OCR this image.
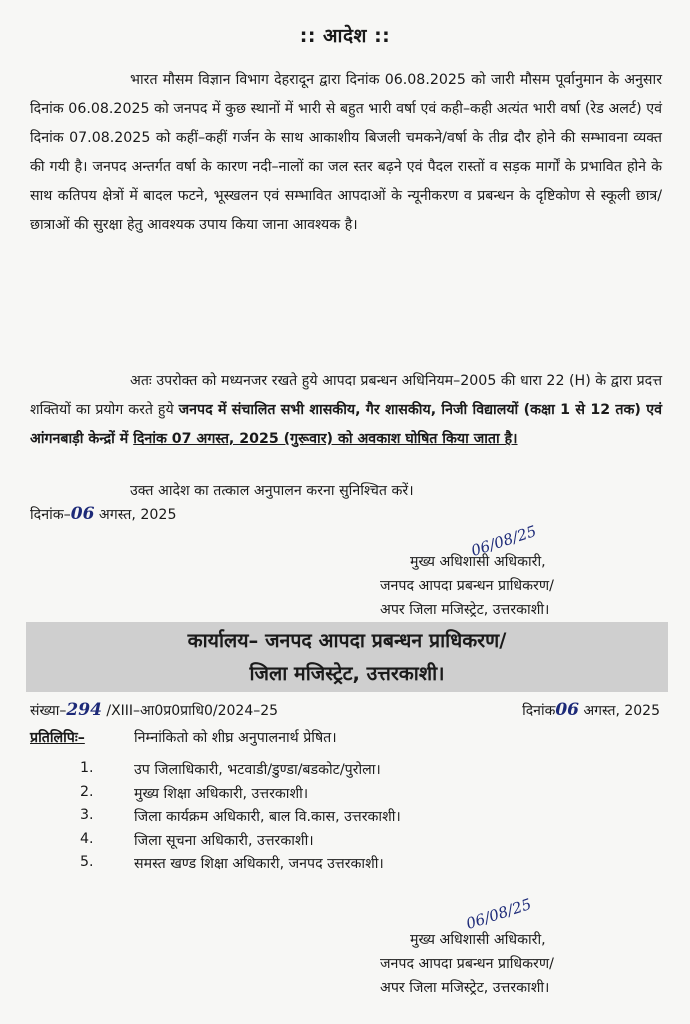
:: आदेश ::
भारत मौसम विज्ञान विभाग देहरादून द्वारा दिनांक 06.08.2025 को जारी मौसम पूर्वानुमान के अनुसार दिनांक 06.08.2025 को जनपद में कुछ स्थानों में भारी से बहुत भारी वर्षा एवं कही–कही अत्यंत भारी वर्षा (रेड अलर्ट) एवं दिनांक 07.08.2025 को कहीं–कहीं गर्जन के साथ आकाशीय बिजली चमकने/वर्षा के तीव्र दौर होने की सम्भावना व्यक्त की गयी है। जनपद अन्तर्गत वर्षा के कारण नदी–नालों का जल स्तर बढ़ने एवं पैदल रास्तों व सड़क मार्गों के प्रभावित होने के साथ कतिपय क्षेत्रों में बादल फटने, भूस्खलन एवं सम्भावित आपदाओं के न्यूनीकरण व प्रबन्धन के दृष्टिकोण से स्कूली छात्र/छात्राओं की सुरक्षा हेतु आवश्यक उपाय किया जाना आवश्यक है।
अतः उपरोक्त को मध्यनजर रखते हुये आपदा प्रबन्धन अधिनियम–2005 की धारा 22 (H) के द्वारा प्रदत्त शक्तियों का प्रयोग करते हुये जनपद में संचालित सभी शासकीय, गैर शासकीय, निजी विद्यालयों (कक्षा 1 से 12 तक) एवं आंगनबाड़ी केन्द्रों में दिनांक 07 अगस्त, 2025 (गुरूवार) को अवकाश घोषित किया जाता है।
उक्त आदेश का तत्काल अनुपालन करना सुनिश्चित करें।
दिनांक–06 अगस्त, 2025
06/08/25
मुख्य अधिशासी अधिकारी,
जनपद आपदा प्रबन्धन प्राधिकरण/
अपर जिला मजिस्ट्रेट, उत्तरकाशी।
कार्यालय– जनपद आपदा प्रबन्धन प्राधिकरण/
जिला मजिस्ट्रेट, उत्तरकाशी।
संख्या–294 /XIII–आ0प्र0प्राधि0/2024–25	दिनांक06 अगस्त, 2025
प्रतिलिपिः–	निम्नांकितो को शीघ्र अनुपालनार्थ प्रेषित।
1.	उप जिलाधिकारी, भटवाडी/डुण्डा/बडकोट/पुरोला।
2.	मुख्य शिक्षा अधिकारी, उत्तरकाशी।
3.	जिला कार्यक्रम अधिकारी, बाल वि.कास, उत्तरकाशी।
4.	जिला सूचना अधिकारी, उत्तरकाशी।
5.	समस्त खण्ड शिक्षा अधिकारी, जनपद उत्तरकाशी।
06/08/25
मुख्य अधिशासी अधिकारी,
जनपद आपदा प्रबन्धन प्राधिकरण/
अपर जिला मजिस्ट्रेट, उत्तरकाशी।
